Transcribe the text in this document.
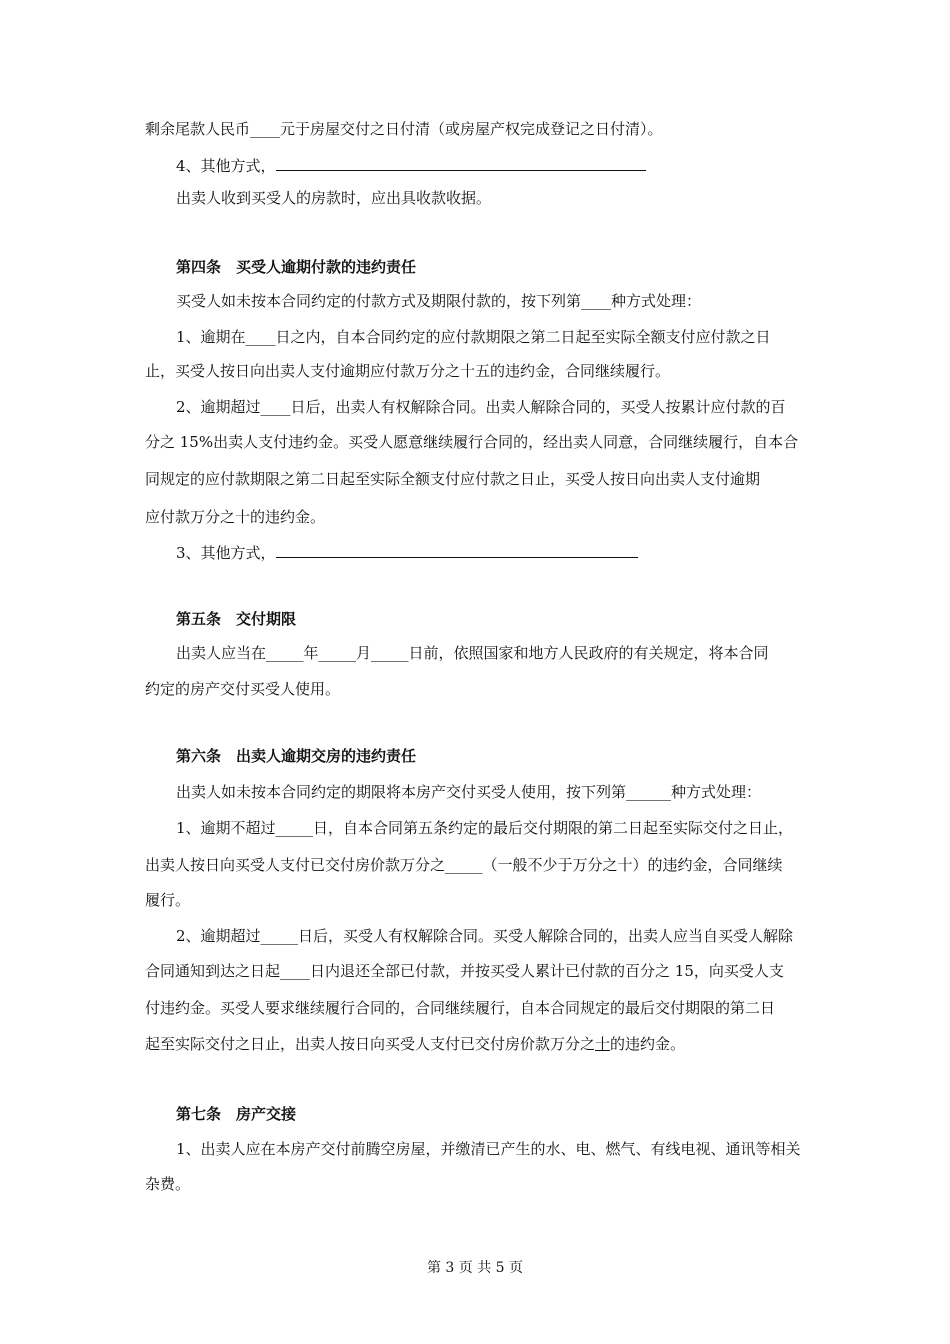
剩余尾款人民币____元于房屋交付之日付清（或房屋产权完成登记之日付清）。
4、其他方式，
出卖人收到买受人的房款时，应出具收款收据。
第四条　买受人逾期付款的违约责任
买受人如未按本合同约定的付款方式及期限付款的，按下列第____种方式处理：
1、逾期在____日之内，自本合同约定的应付款期限之第二日起至实际全额支付应付款之日
止，买受人按日向出卖人支付逾期应付款万分之十五的违约金，合同继续履行。
2、逾期超过____日后，出卖人有权解除合同。出卖人解除合同的，买受人按累计应付款的百
分之 15%出卖人支付违约金。买受人愿意继续履行合同的，经出卖人同意，合同继续履行，自本合
同规定的应付款期限之第二日起至实际全额支付应付款之日止，买受人按日向出卖人支付逾期
应付款万分之十的违约金。
3、其他方式，
第五条　交付期限
出卖人应当在_____年_____月_____日前，依照国家和地方人民政府的有关规定，将本合同
约定的房产交付买受人使用。
第六条　出卖人逾期交房的违约责任
出卖人如未按本合同约定的期限将本房产交付买受人使用，按下列第______种方式处理：
1、逾期不超过_____日，自本合同第五条约定的最后交付期限的第二日起至实际交付之日止，
出卖人按日向买受人支付已交付房价款万分之_____（一般不少于万分之十）的违约金，合同继续
履行。
2、逾期超过_____日后，买受人有权解除合同。买受人解除合同的，出卖人应当自买受人解除
合同通知到达之日起____日内退还全部已付款，并按买受人累计已付款的百分之 15，向买受人支
付违约金。买受人要求继续履行合同的，合同继续履行，自本合同规定的最后交付期限的第二日
起至实际交付之日止，出卖人按日向买受人支付已交付房价款万分之十的违约金。
第七条　房产交接
1、出卖人应在本房产交付前腾空房屋，并缴清已产生的水、电、燃气、有线电视、通讯等相关
杂费。
第 3 页 共 5 页
